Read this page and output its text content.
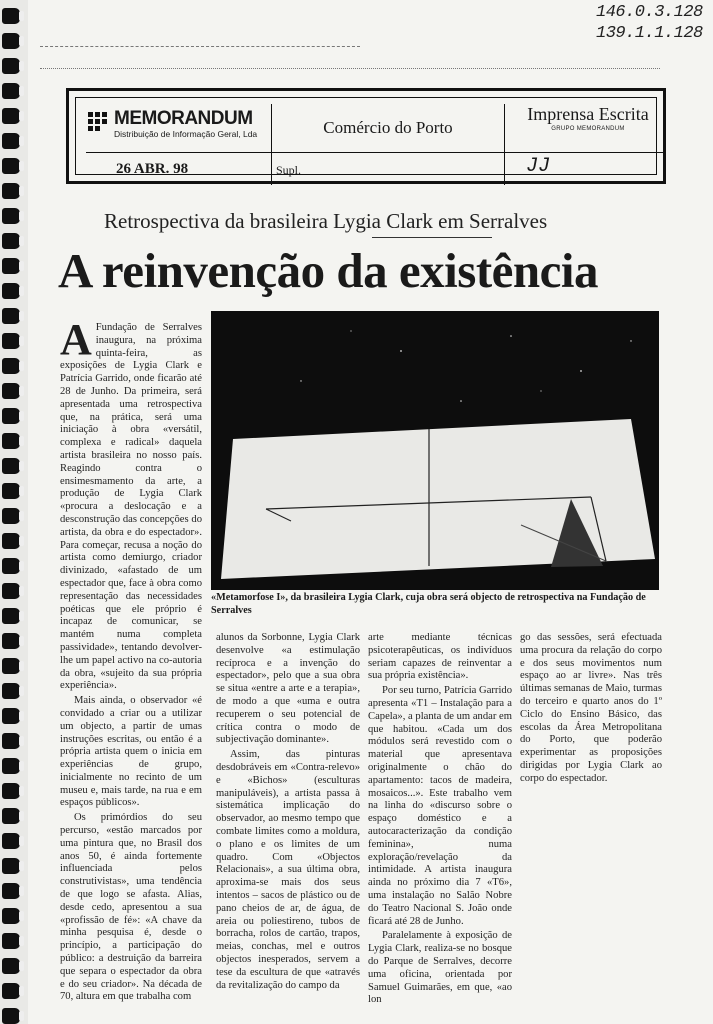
146.0.3.128
139.1.1.128
MEMORANDUM
Distribuição de Informação Geral, Lda	Comércio do Porto
Imprensa Escrita
GRUPO MEMORANDUM
26 ABR. 98	Supl.	JJ
Retrospectiva da brasileira Lygia Clark em Serralves
A reinvenção da existência

A Fundação de Serralves inaugura, na próxima quinta-feira, as exposições de Lygia Clark e Patrícia Garrido, onde ficarão até 28 de Junho. Da primeira, será apresentada uma retrospectiva que, na prática, será uma iniciação à obra «versátil, complexa e radical» daquela artista brasileira no nosso país. Reagindo contra o ensimesmamento da arte, a produção de Lygia Clark «procura a deslocação e a desconstrução das concepções do artista, da obra e do espectador». Para começar, recusa a noção do artista como demiurgo, criador divinizado, «afastado de um espectador que, face à obra como representação das necessidades poéticas que ele próprio é incapaz de comunicar, se mantém numa completa passividade», tentando devolver-lhe um papel activo na co-autoria da obra, «sujeito da sua própria experiência».

Mais ainda, o observador «é convidado a criar ou a utilizar um objecto, a partir de umas instruções escritas, ou então é a própria artista quem o inicia em experiências de grupo, inicialmente no recinto de um museu e, mais tarde, na rua e em espaços públicos».

Os primórdios do seu percurso, «estão marcados por uma pintura que, no Brasil dos anos 50, é ainda fortemente influenciada pelos construtivistas», uma tendência de que logo se afasta. Alias, desde cedo, apresentou a sua «profissão de fé»: «A chave da minha pesquisa é, desde o princípio, a participação do público: a destruição da barreira que separa o espectador da obra e do seu criador». Na década de 70, altura em que trabalha com

«Metamorfose I», da brasileira Lygia Clark, cuja obra será objecto de retrospectiva na Fundação de Serralves

alunos da Sorbonne, Lygia Clark desenvolve «a estimulação recíproca e a invenção do espectador», pelo que a sua obra se situa «entre a arte e a terapia», de modo a que «uma e outra recuperem o seu potencial de crítica contra o modo de subjectivação dominante».

Assim, das pinturas desdobráveis em «Contra-relevo» e «Bichos» (esculturas manipuláveis), a artista passa à sistemática implicação do observador, ao mesmo tempo que combate limites como a moldura, o plano e os limites de um quadro. Com «Objectos Relacionais», a sua última obra, aproxima-se mais dos seus intentos – sacos de plástico ou de pano cheios de ar, de água, de areia ou poliestireno, tubos de borracha, rolos de cartão, trapos, meias, conchas, mel e outros objectos inesperados, servem a tese da escultura de que «através da revitalização do campo da

arte mediante técnicas psicoterapêuticas, os indivíduos seriam capazes de reinventar a sua própria existência».

Por seu turno, Patrícia Garrido apresenta «T1 – Instalação para a Capela», a planta de um andar em que habitou. «Cada um dos módulos será revestido com o material que apresentava originalmente o chão do apartamento: tacos de madeira, mosaicos...». Este trabalho vem na linha do «discurso sobre o espaço doméstico e a autocaracterização da condição feminina», numa exploração/revelação da intimidade. A artista inaugura ainda no próximo dia 7 «T6», uma instalação no Salão Nobre do Teatro Nacional S. João onde ficará até 28 de Junho.

Paralelamente à exposição de Lygia Clark, realiza-se no bosque do Parque de Serralves, decorre uma oficina, orientada por Samuel Guimarães, em que, «ao lon

go das sessões, será efectuada uma procura da relação do corpo e dos seus movimentos num espaço ao ar livre». Nas três últimas semanas de Maio, turmas do terceiro e quarto anos do 1º Ciclo do Ensino Básico, das escolas da Área Metropolitana do Porto, que poderão experimentar as proposições dirigidas por Lygia Clark ao corpo do espectador.
